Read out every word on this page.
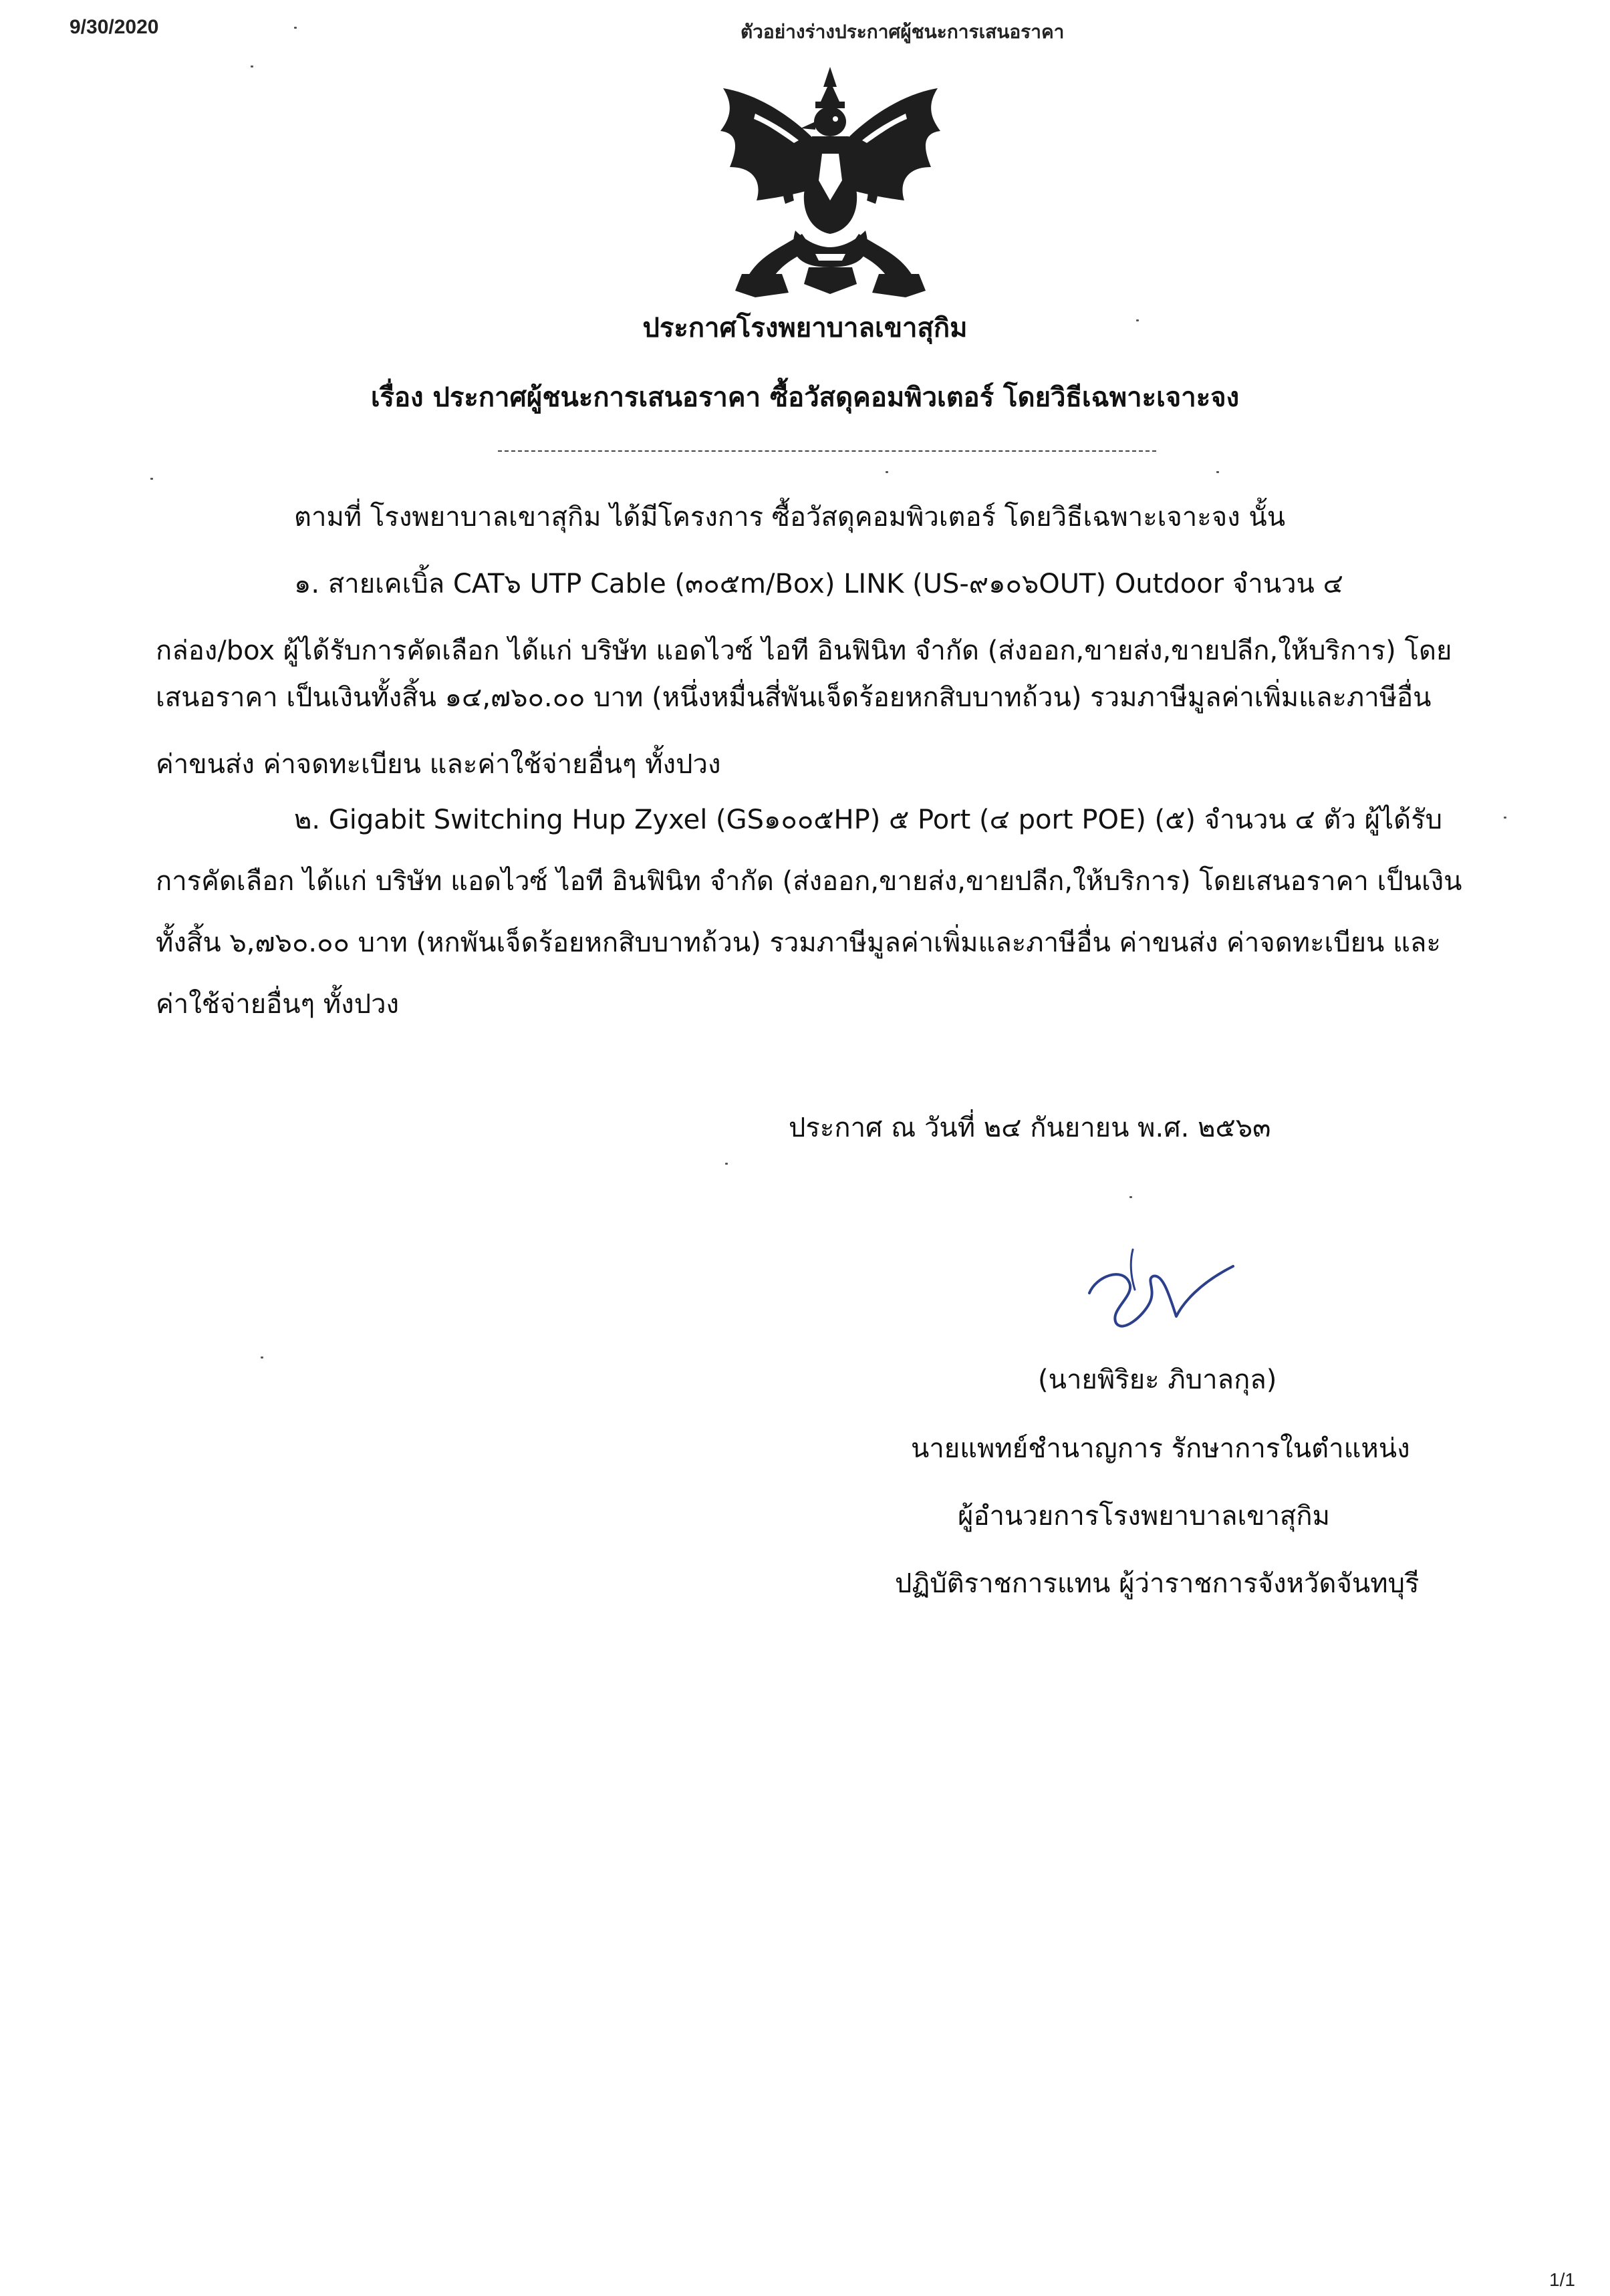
9/30/2020	ตัวอย่างร่างประกาศผู้ชนะการเสนอราคา
ประกาศโรงพยาบาลเขาสุกิม
เรื่อง ประกาศผู้ชนะการเสนอราคา ซื้อวัสดุคอมพิวเตอร์ โดยวิธีเฉพาะเจาะจง
ตามที่ โรงพยาบาลเขาสุกิม ได้มีโครงการ ซื้อวัสดุคอมพิวเตอร์ โดยวิธีเฉพาะเจาะจง นั้น
๑. สายเคเบิ้ล CAT๖ UTP Cable (๓๐๕m/Box) LINK (US-๙๑๐๖OUT) Outdoor จำนวน ๔
กล่อง/box ผู้ได้รับการคัดเลือก ได้แก่ บริษัท แอดไวซ์ ไอที อินฟินิท จำกัด (ส่งออก,ขายส่ง,ขายปลีก,ให้บริการ) โดย
เสนอราคา เป็นเงินทั้งสิ้น ๑๔,๗๖๐.๐๐ บาท (หนึ่งหมื่นสี่พันเจ็ดร้อยหกสิบบาทถ้วน) รวมภาษีมูลค่าเพิ่มและภาษีอื่น
ค่าขนส่ง ค่าจดทะเบียน และค่าใช้จ่ายอื่นๆ ทั้งปวง
๒. Gigabit Switching Hup Zyxel (GS๑๐๐๕HP) ๕ Port (๔ port POE) (๕) จำนวน ๔ ตัว ผู้ได้รับ
การคัดเลือก ได้แก่ บริษัท แอดไวซ์ ไอที อินฟินิท จำกัด (ส่งออก,ขายส่ง,ขายปลีก,ให้บริการ) โดยเสนอราคา เป็นเงิน
ทั้งสิ้น ๖,๗๖๐.๐๐ บาท (หกพันเจ็ดร้อยหกสิบบาทถ้วน) รวมภาษีมูลค่าเพิ่มและภาษีอื่น ค่าขนส่ง ค่าจดทะเบียน และ
ค่าใช้จ่ายอื่นๆ ทั้งปวง
ประกาศ ณ วันที่ ๒๔ กันยายน พ.ศ. ๒๕๖๓
(นายพิริยะ ภิบาลกุล)
นายแพทย์ชำนาญการ รักษาการในตำแหน่ง
ผู้อำนวยการโรงพยาบาลเขาสุกิม
ปฏิบัติราชการแทน ผู้ว่าราชการจังหวัดจันทบุรี
1/1
